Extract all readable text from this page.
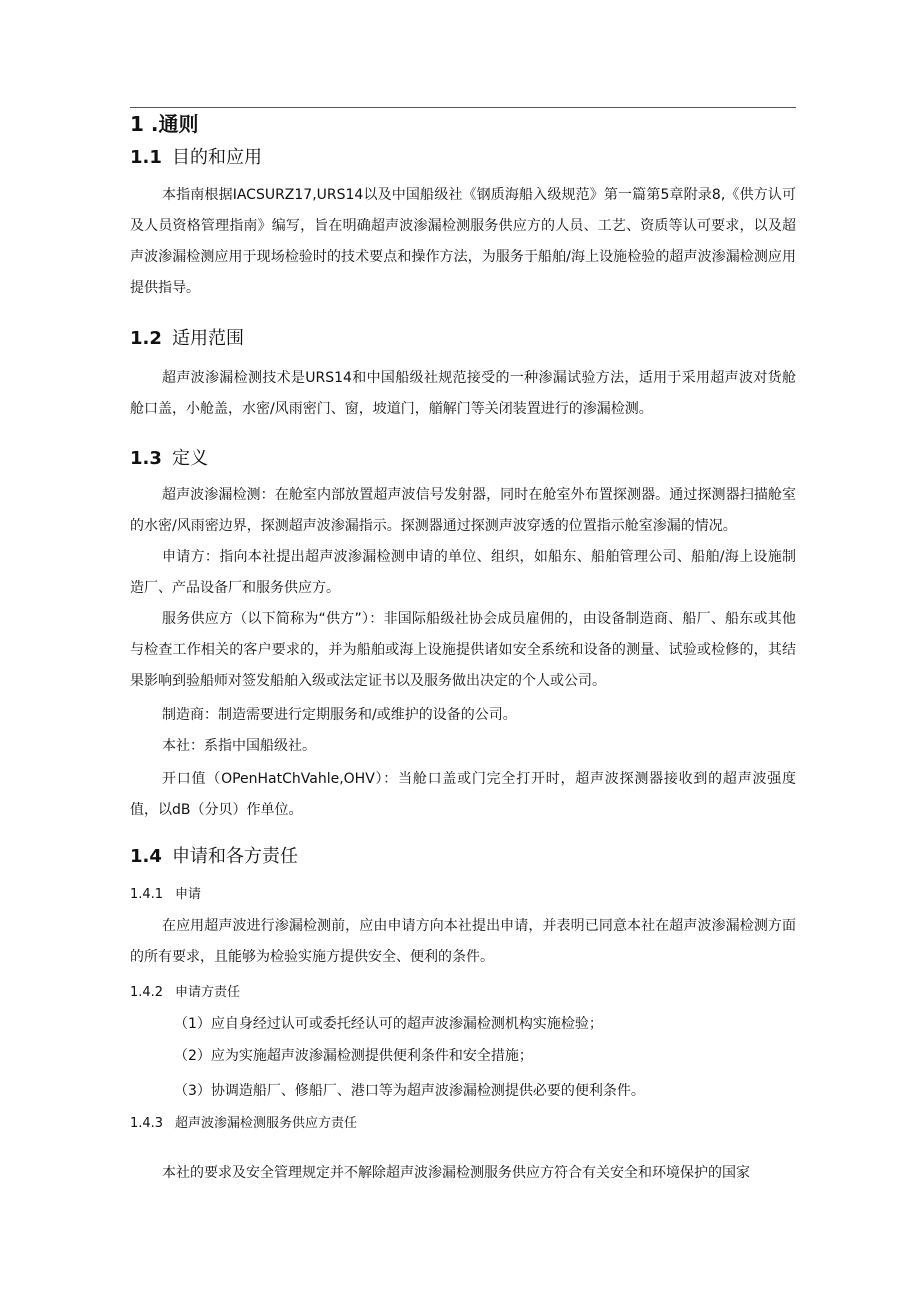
1 .通则
1.1 目的和应用
本指南根据IACSURZ17,URS14以及中国船级社《钢质海船入级规范》第一篇第5章附录8,《供方认可及人员资格管理指南》编写，旨在明确超声波渗漏检测服务供应方的人员、工艺、资质等认可要求，以及超声波渗漏检测应用于现场检验时的技术要点和操作方法，为服务于船舶/海上设施检验的超声波渗漏检测应用提供指导。
1.2 适用范围
超声波渗漏检测技术是URS14和中国船级社规范接受的一种渗漏试验方法，适用于采用超声波对货舱舱口盖，小舱盖，水密/风雨密门、窗，坡道门，艏解门等关闭装置进行的渗漏检测。
1.3 定义
超声波渗漏检测：在舱室内部放置超声波信号发射器，同时在舱室外布置探测器。通过探测器扫描舱室的水密/风雨密边界，探测超声波渗漏指示。探测器通过探测声波穿透的位置指示舱室渗漏的情况。
申请方：指向本社提出超声波渗漏检测申请的单位、组织，如船东、船舶管理公司、船舶/海上设施制造厂、产品设备厂和服务供应方。
服务供应方（以下简称为“供方”）：非国际船级社协会成员雇佣的，由设备制造商、船厂、船东或其他与检查工作相关的客户要求的，并为船舶或海上设施提供诸如安全系统和设备的测量、试验或检修的，其结果影响到验船师对签发船舶入级或法定证书以及服务做出决定的个人或公司。
制造商：制造需要进行定期服务和/或维护的设备的公司。
本社：系指中国船级社。
开口值（OPenHatChVahle,OHV）：当舱口盖或门完全打开时，超声波探测器接收到的超声波强度值，以dB（分贝）作单位。
1.4 申请和各方责任
1.4.1 申请
在应用超声波进行渗漏检测前，应由申请方向本社提出申请，并表明已同意本社在超声波渗漏检测方面的所有要求，且能够为检验实施方提供安全、便利的条件。
1.4.2 申请方责任
（1）应自身经过认可或委托经认可的超声波渗漏检测机构实施检验；
（2）应为实施超声波渗漏检测提供便利条件和安全措施；
（3）协调造船厂、修船厂、港口等为超声波渗漏检测提供必要的便利条件。
1.4.3 超声波渗漏检测服务供应方责任
本社的要求及安全管理规定并不解除超声波渗漏检测服务供应方符合有关安全和环境保护的国家
